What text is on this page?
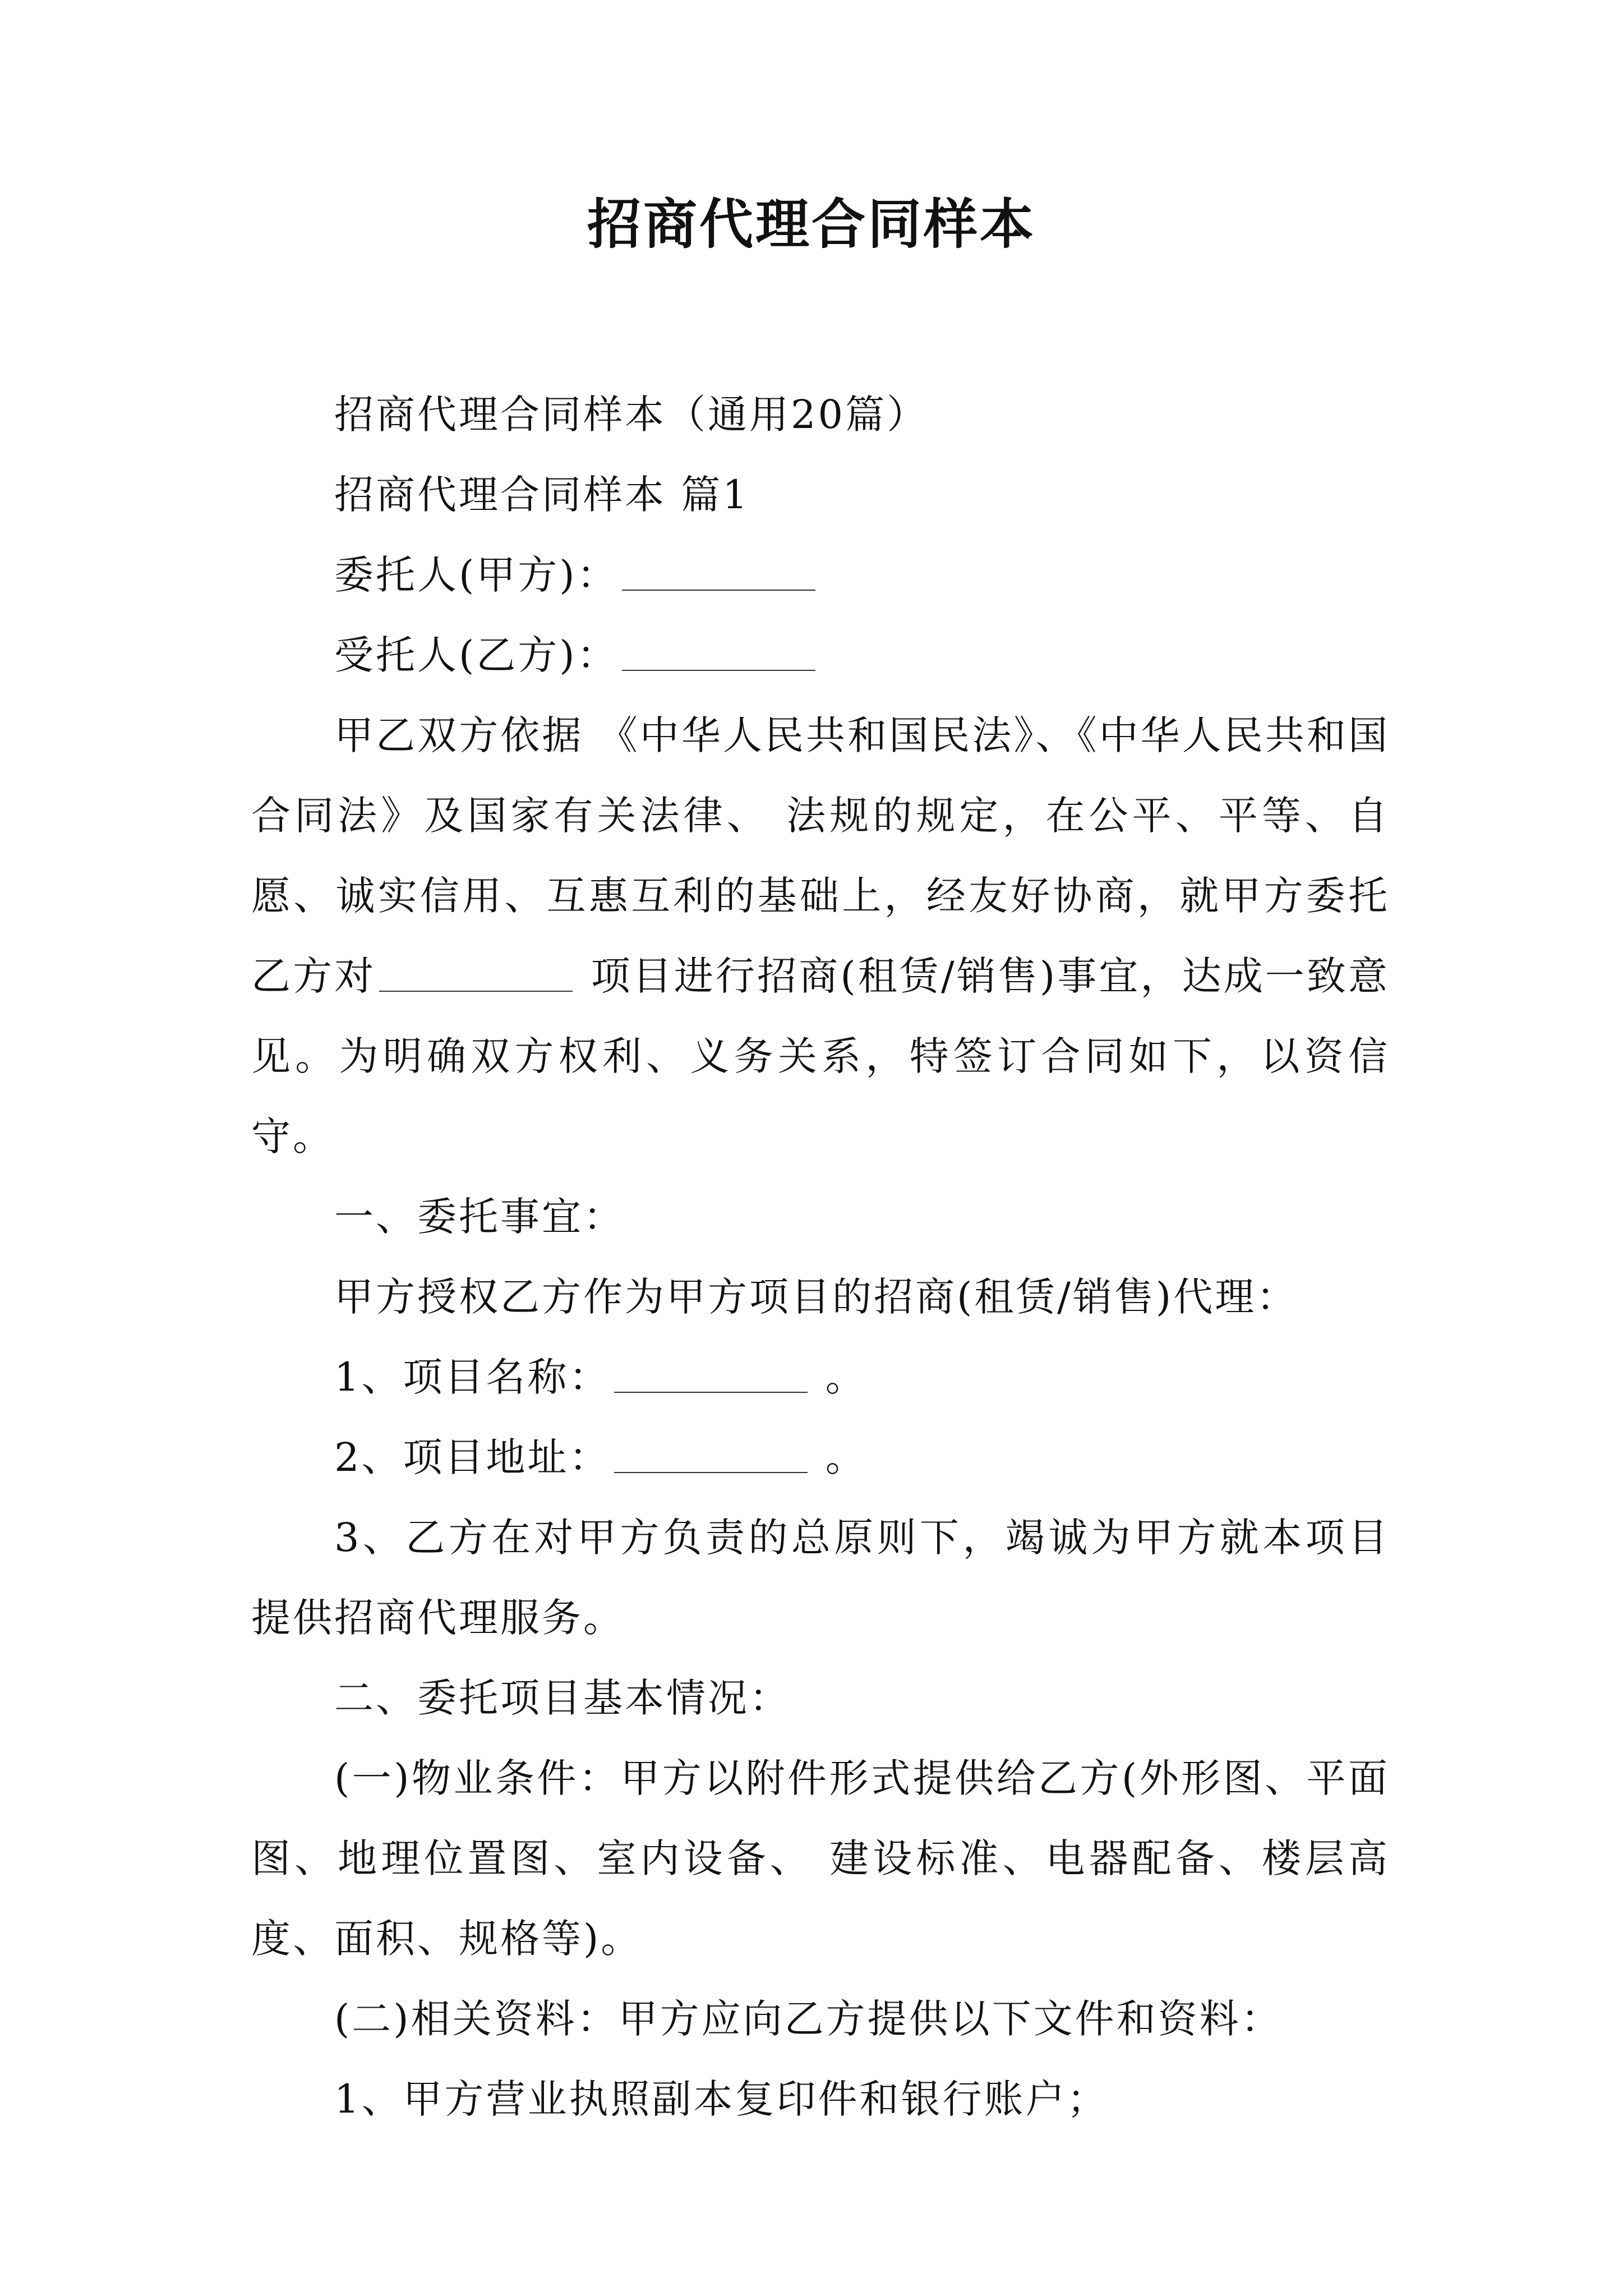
招商代理合同样本

招商代理合同样本（通用20篇）

招商代理合同样本 篇1

委托人(甲方)：

受托人(乙方)：

甲乙双方依据 《中华人民共和国民法》、《中华人民共和国合同法》及国家有关法律、 法规的规定，在公平、平等、自愿、诚实信用、互惠互利的基础上，经友好协商，就甲方委托乙方对	项目进行招商(租赁/销售)事宜，达成一致意见。为明确双方权利、义务关系，特签订合同如下，以资信守。

一、委托事宜：

甲方授权乙方作为甲方项目的招商(租赁/销售)代理：

1、项目名称：	。

2、项目地址：	。

3、乙方在对甲方负责的总原则下，竭诚为甲方就本项目提供招商代理服务。

二、委托项目基本情况：

(一)物业条件：甲方以附件形式提供给乙方(外形图、平面图、地理位置图、室内设备、 建设标准、电器配备、楼层高度、面积、规格等)。

(二)相关资料：甲方应向乙方提供以下文件和资料：

1、甲方营业执照副本复印件和银行账户；
